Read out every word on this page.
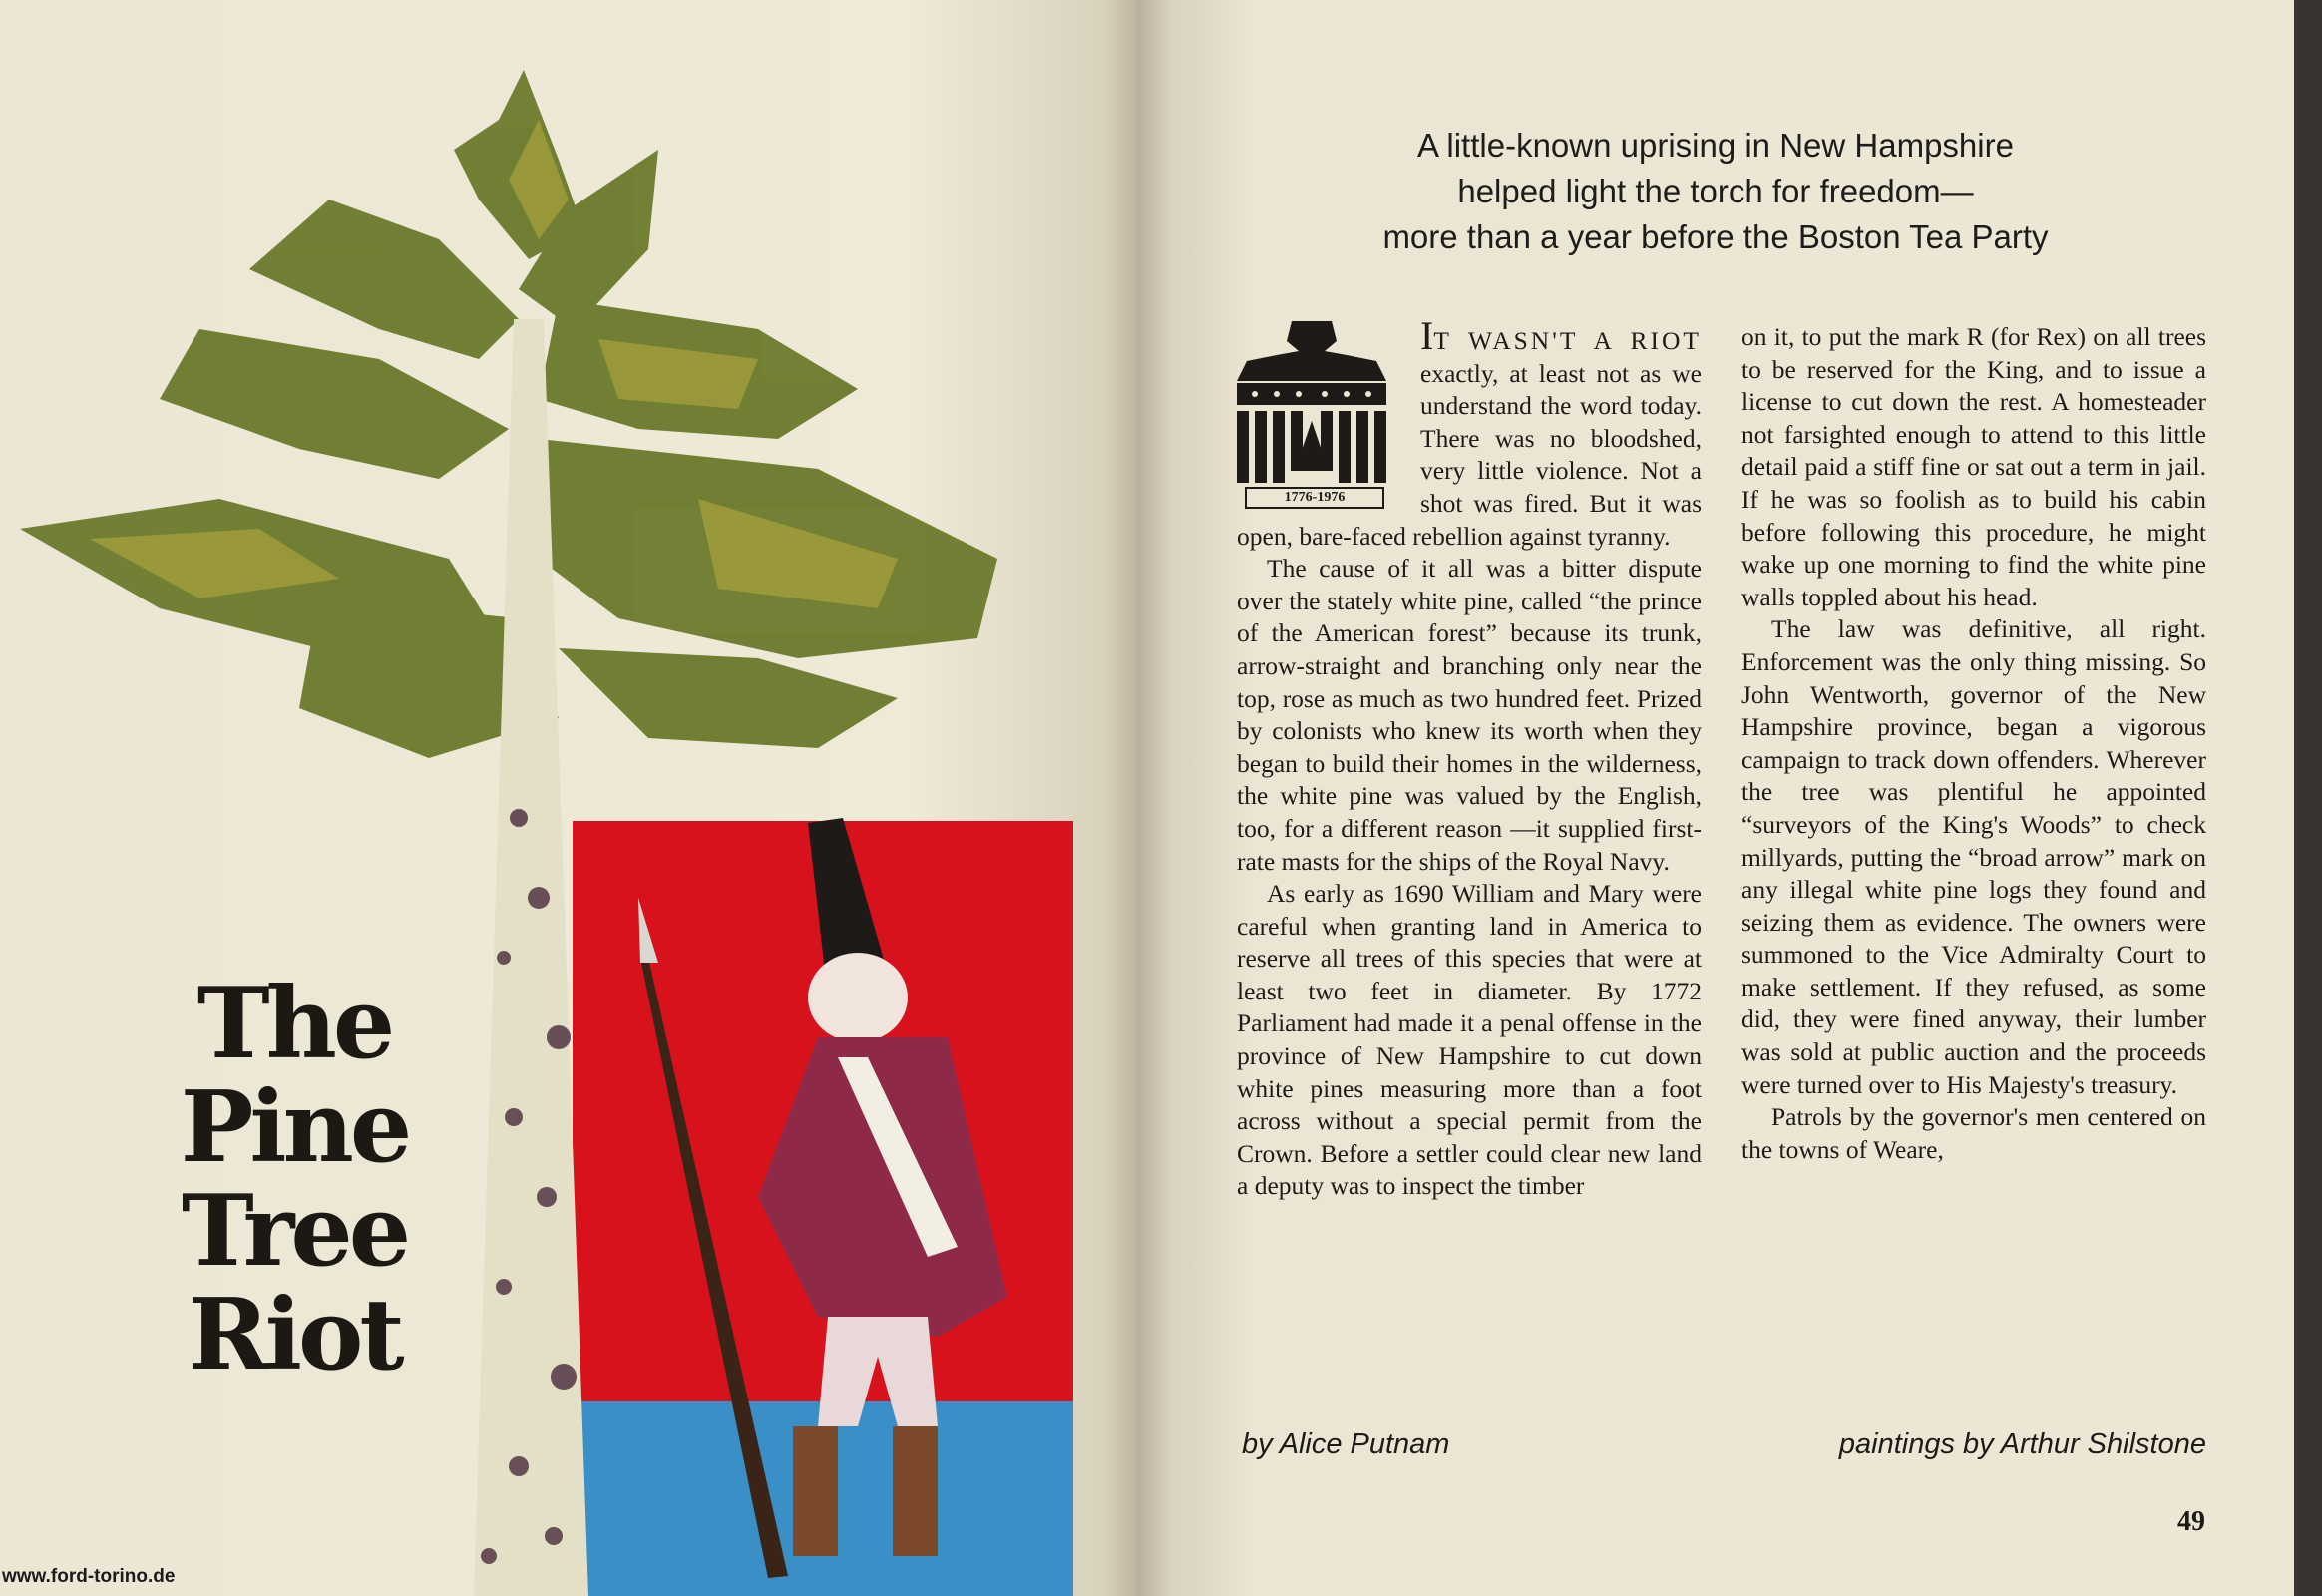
The
Pine Tree
Riot
www.ford-torino.de
A little-known uprising in New Hampshire
helped light the torch for freedom—
more than a year before the Boston Tea Party
1776-1976

IT WASN'T A RIOT exactly, at least not as we understand the word today. There was no bloodshed, very little violence. Not a shot was fired. But it was open, bare-faced rebellion against tyranny.

The cause of it all was a bitter dispute over the stately white pine, called “the prince of the American forest” because its trunk, arrow-straight and branching only near the top, rose as much as two hundred feet. Prized by colonists who knew its worth when they began to build their homes in the wilderness, the white pine was valued by the English, too, for a different reason —it supplied first-rate masts for the ships of the Royal Navy.

As early as 1690 William and Mary were careful when granting land in America to reserve all trees of this species that were at least two feet in diameter. By 1772 Parliament had made it a penal offense in the province of New Hampshire to cut down white pines measuring more than a foot across without a special permit from the Crown. Before a settler could clear new land a deputy was to inspect the timber

on it, to put the mark R (for Rex) on all trees to be reserved for the King, and to issue a license to cut down the rest. A homesteader not farsighted enough to attend to this little detail paid a stiff fine or sat out a term in jail. If he was so foolish as to build his cabin before following this procedure, he might wake up one morning to find the white pine walls toppled about his head.

The law was definitive, all right. Enforcement was the only thing missing. So John Wentworth, governor of the New Hampshire province, began a vigorous campaign to track down offenders. Wherever the tree was plentiful he appointed “surveyors of the King's Woods” to check millyards, putting the “broad arrow” mark on any illegal white pine logs they found and seizing them as evidence. The owners were summoned to the Vice Admiralty Court to make settlement. If they refused, as some did, they were fined anyway, their lumber was sold at public auction and the proceeds were turned over to His Majesty's treasury.

Patrols by the governor's men centered on the towns of Weare,

by Alice Putnam	paintings by Arthur Shilstone
49
